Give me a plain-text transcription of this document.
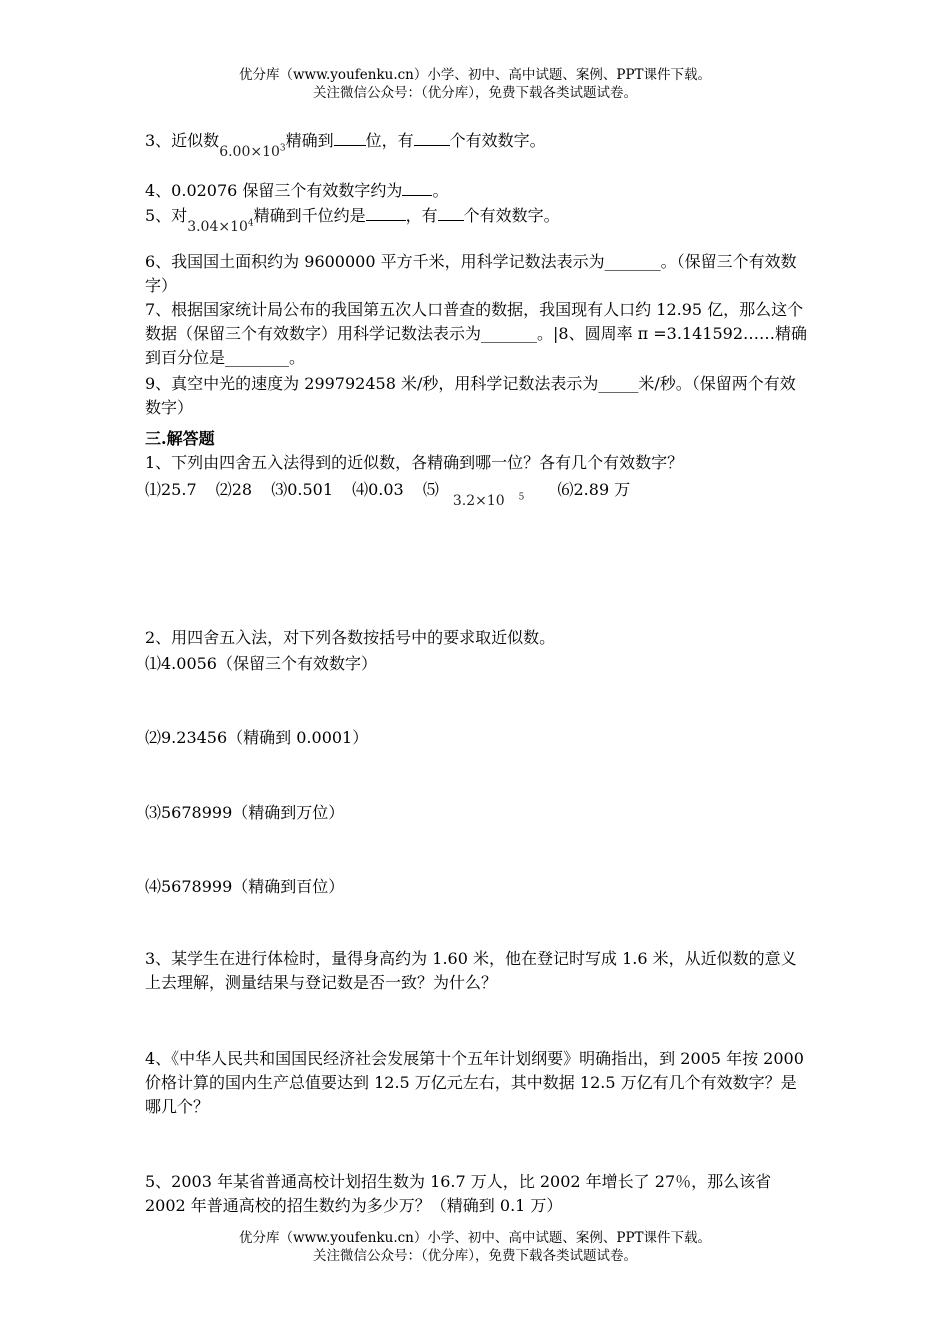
优分库（www.youfenku.cn）小学、初中、高中试题、案例、PPT课件下载。
关注微信公众号：（优分库），免费下载各类试题试卷。
3、近似数$6.00\times 10^3$精确到 位，有 个有效数字。
4、0.02076 保留三个有效数字约为 。
5、对$3.04\times 10^4$精确到千位约是	，有 个有效数字。
6、我国国土面积约为 9600000 平方千米，用科学记数法表示为_______。（保留三个有效数字）
7、根据国家统计局公布的我国第五次人口普查的数据，我国现有人口约 12.95 亿，那么这个数据（保留三个有效数字）用科学记数法表示为_______。|8、圆周率 π =3.141592……精确到百分位是________。
9、真空中光的速度为 299792458 米/秒，用科学记数法表示为_____米/秒。（保留两个有效数字）
三.解答题
1、下列由四舍五入法得到的近似数，各精确到哪一位？各有几个有效数字？
⑴25.7 ⑵28 ⑶0.501 ⑷0.03 ⑸3.2×10 $^5$ ⑹2.89 万
2、用四舍五入法，对下列各数按括号中的要求取近似数。
⑴4.0056（保留三个有效数字）
⑵9.23456（精确到 0.0001）
⑶5678999（精确到万位）
⑷5678999（精确到百位）
3、某学生在进行体检时，量得身高约为 1.60 米，他在登记时写成 1.6 米，从近似数的意义上去理解，测量结果与登记数是否一致？为什么？
4、《中华人民共和国国民经济社会发展第十个五年计划纲要》明确指出，到 2005 年按 2000 价格计算的国内生产总值要达到 12.5 万亿元左右，其中数据 12.5 万亿有几个有效数字？是哪几个？
5、2003 年某省普通高校计划招生数为 16.7 万人，比 2002 年增长了 27％，那么该省 2002 年普通高校的招生数约为多少万？（精确到 0.1 万）
优分库（www.youfenku.cn）小学、初中、高中试题、案例、PPT课件下载。
关注微信公众号：（优分库），免费下载各类试题试卷。
